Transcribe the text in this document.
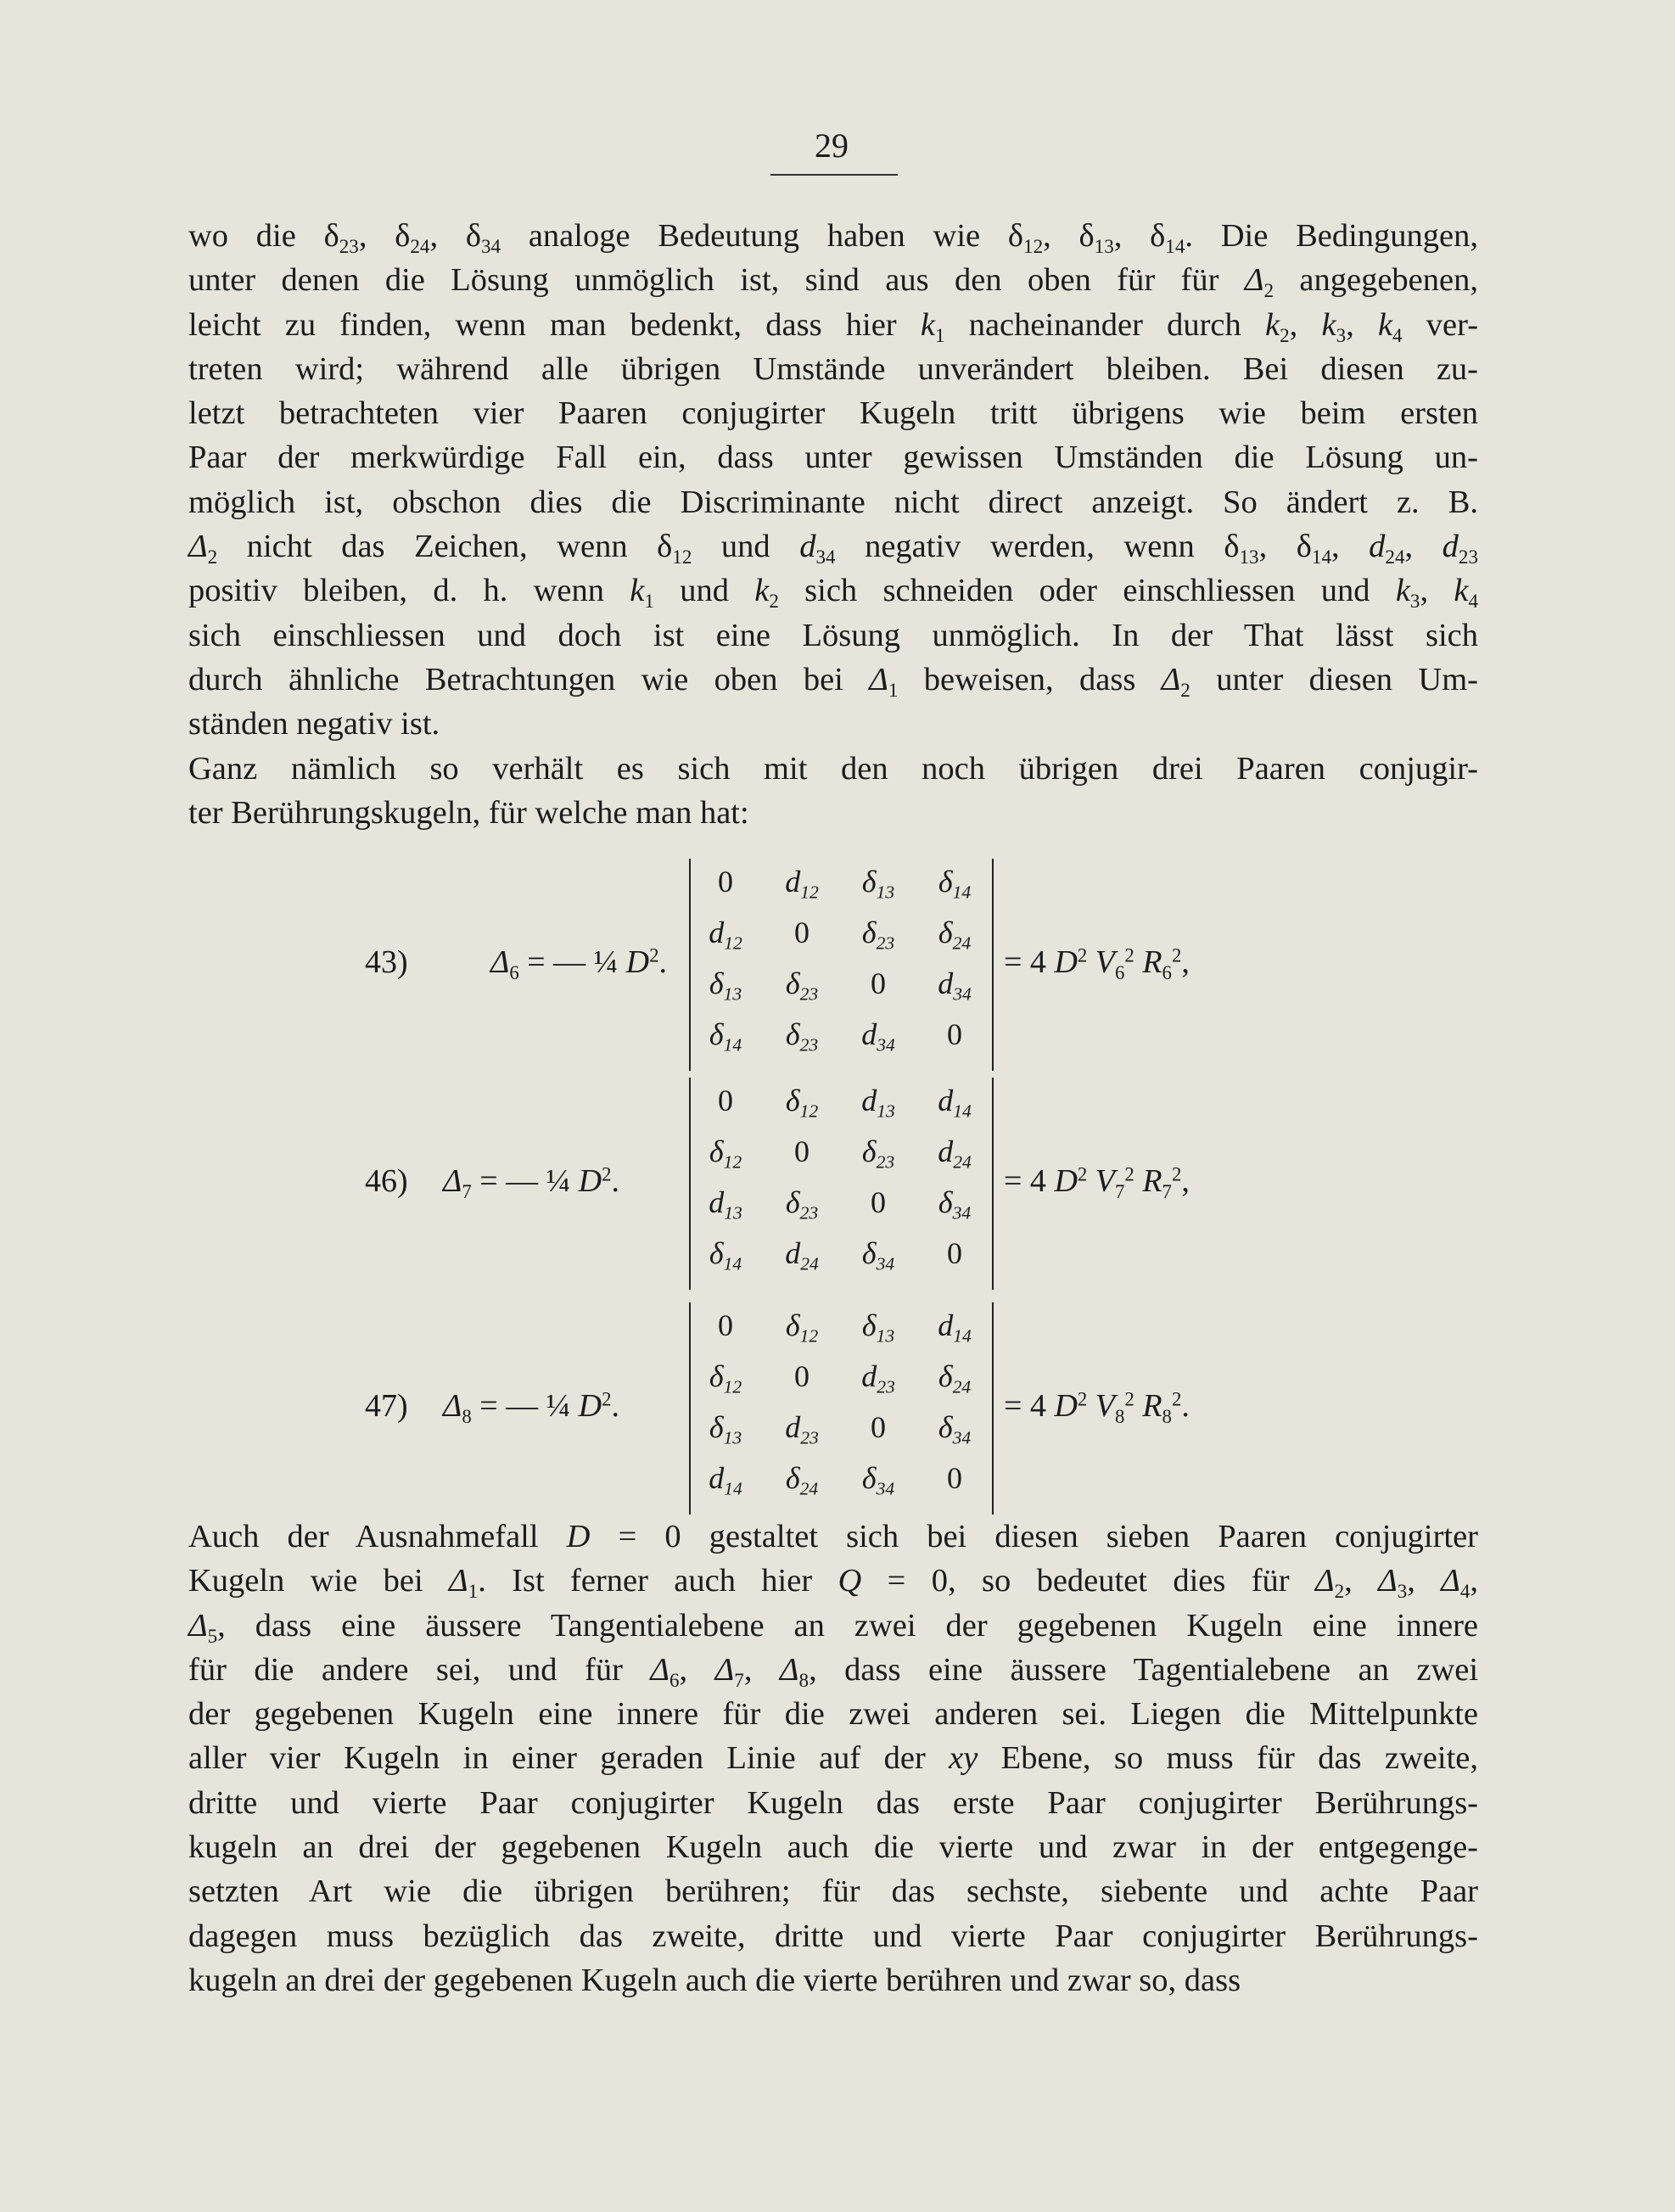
29
wo die $\delta_{23}$, $\delta_{24}$, $\delta_{34}$ analoge Bedeutung haben wie $\delta_{12}$, $\delta_{13}$, $\delta_{14}$. Die Bedingungen,
unter denen die Lösung unmöglich ist, sind aus den oben für für $\Delta_2$ angegebenen,
leicht zu finden, wenn man bedenkt, dass hier $k_1$ nacheinander durch $k_2$, $k_3$, $k_4$ ver-
treten wird; während alle übrigen Umstände unverändert bleiben. Bei diesen zu-
letzt betrachteten vier Paaren conjugirter Kugeln tritt übrigens wie beim ersten
Paar der merkwürdige Fall ein, dass unter gewissen Umständen die Lösung un-
möglich ist, obschon dies die Discriminante nicht direct anzeigt. So ändert z. B.
$\Delta_2$ nicht das Zeichen, wenn $\delta_{12}$ und $d_{34}$ negativ werden, wenn $\delta_{13}$, $\delta_{14}$, $d_{24}$, $d_{23}$
positiv bleiben, d. h. wenn $k_1$ und $k_2$ sich schneiden oder einschliessen und $k_3$, $k_4$
sich einschliessen und doch ist eine Lösung unmöglich. In der That lässt sich
durch ähnliche Betrachtungen wie oben bei $\Delta_1$ beweisen, dass $\Delta_2$ unter diesen Um-
ständen negativ ist.
Ganz nämlich so verhält es sich mit den noch übrigen drei Paaren conjugir-
ter Berührungskugeln, für welche man hat:
43)	$\Delta_6$ = — ¼ $D^2$.
0	$d_{12}$	$\delta_{13}$	$\delta_{14}$
$d_{12}$	0	$\delta_{23}$	$\delta_{24}$
$\delta_{13}$	$\delta_{23}$	0	$d_{34}$
$\delta_{14}$	$\delta_{23}$	$d_{34}$	0
= 4 $D^2$ $V_6^2$ $R_6^2$,
46) $\Delta_7$ = — ¼ $D^2$.
0	$\delta_{12}$	$d_{13}$	$d_{14}$
$\delta_{12}$	0	$\delta_{23}$	$d_{24}$
$d_{13}$	$\delta_{23}$	0	$\delta_{34}$
$\delta_{14}$	$d_{24}$	$\delta_{34}$	0
= 4 $D^2$ $V_7^2$ $R_7^2$,
47) $\Delta_8$ = — ¼ $D^2$.
0	$\delta_{12}$	$\delta_{13}$	$d_{14}$
$\delta_{12}$	0	$d_{23}$	$\delta_{24}$
$\delta_{13}$	$d_{23}$	0	$\delta_{34}$
$d_{14}$	$\delta_{24}$	$\delta_{34}$	0
= 4 $D^2$ $V_8^2$ $R_8^2$.
Auch der Ausnahmefall D = 0 gestaltet sich bei diesen sieben Paaren conjugirter
Kugeln wie bei $\Delta_1$. Ist ferner auch hier Q = 0, so bedeutet dies für $\Delta_2$, $\Delta_3$, $\Delta_4$,
$\Delta_5$, dass eine äussere Tangentialebene an zwei der gegebenen Kugeln eine innere
für die andere sei, und für $\Delta_6$, $\Delta_7$, $\Delta_8$, dass eine äussere Tagentialebene an zwei
der gegebenen Kugeln eine innere für die zwei anderen sei. Liegen die Mittelpunkte
aller vier Kugeln in einer geraden Linie auf der xy Ebene, so muss für das zweite,
dritte und vierte Paar conjugirter Kugeln das erste Paar conjugirter Berührungs-
kugeln an drei der gegebenen Kugeln auch die vierte und zwar in der entgegenge-
setzten Art wie die übrigen berühren; für das sechste, siebente und achte Paar
dagegen muss bezüglich das zweite, dritte und vierte Paar conjugirter Berührungs-
kugeln an drei der gegebenen Kugeln auch die vierte berühren und zwar so, dass
